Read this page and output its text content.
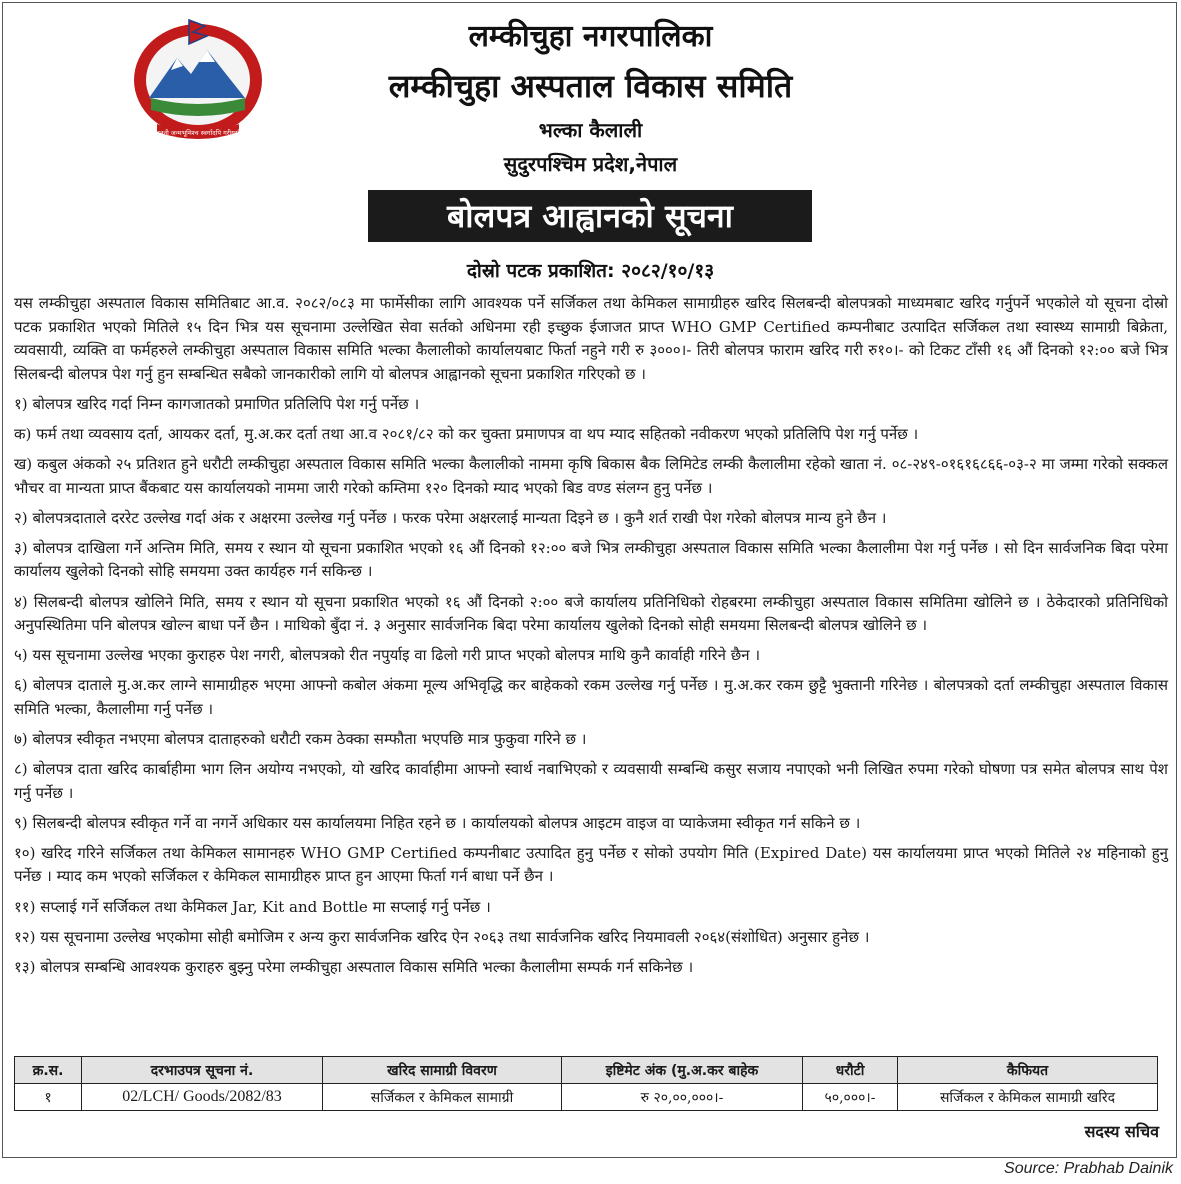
जननी जन्मभूमिश्च स्वर्गादपि गरीयसी
लम्कीचुहा नगरपालिका
लम्कीचुहा अस्पताल विकास समिति
भल्का कैलाली
सुदुरपश्चिम प्रदेश,नेपाल
बोलपत्र आह्वानको सूचना
दोस्रो पटक प्रकाशित: २०८२/१०/१३

यस लम्कीचुहा अस्पताल विकास समितिबाट आ.व. २०८२/०८३ मा फार्मेसीका लागि आवश्यक पर्ने सर्जिकल तथा केमिकल सामाग्रीहरु खरिद सिलबन्दी बोलपत्रको माध्यमबाट खरिद गर्नुपर्ने भएकोले यो सूचना दोस्रो पटक प्रकाशित भएको मितिले १५ दिन भित्र यस सूचनामा उल्लेखित सेवा सर्तको अधिनमा रही इच्छुक ईजाजत प्राप्त WHO GMP Certified कम्पनीबाट उत्पादित सर्जिकल तथा स्वास्थ्य सामाग्री बिक्रेता, व्यवसायी, व्यक्ति वा फर्महरुले लम्कीचुहा अस्पताल विकास समिति भल्का कैलालीको कार्यालयबाट फिर्ता नहुने गरी रु ३०००।- तिरी बोलपत्र फाराम खरिद गरी रु१०।- को टिकट टाँसी १६ औं दिनको १२:०० बजे भित्र सिलबन्दी बोलपत्र पेश गर्नु हुन सम्बन्धित सबैको जानकारीको लागि यो बोलपत्र आह्वानको सूचना प्रकाशित गरिएको छ ।

१) बोलपत्र खरिद गर्दा निम्न कागजातको प्रमाणित प्रतिलिपि पेश गर्नु पर्नेछ ।

क) फर्म तथा व्यवसाय दर्ता, आयकर दर्ता, मु.अ.कर दर्ता तथा आ.व २०८१/८२ को कर चुक्ता प्रमाणपत्र वा थप म्याद सहितको नवीकरण भएको प्रतिलिपि पेश गर्नु पर्नेछ ।

ख) कबुल अंकको २५ प्रतिशत हुने धरौटी लम्कीचुहा अस्पताल विकास समिति भल्का कैलालीको नाममा कृषि बिकास बैक लिमिटेड लम्की कैलालीमा रहेको खाता नं. ०८-२४९-०१६१६८६६-०३-२ मा जम्मा गरेको सक्कल भौचर वा मान्यता प्राप्त बैंकबाट यस कार्यालयको नाममा जारी गरेको कम्तिमा १२० दिनको म्याद भएको बिड वण्ड संलग्न हुनु पर्नेछ ।

२) बोलपत्रदाताले दररेट उल्लेख गर्दा अंक र अक्षरमा उल्लेख गर्नु पर्नेछ । फरक परेमा अक्षरलाई मान्यता दिइने छ । कुनै शर्त राखी पेश गरेको बोलपत्र मान्य हुने छैन ।

३) बोलपत्र दाखिला गर्ने अन्तिम मिति, समय र स्थान यो सूचना प्रकाशित भएको १६ औं दिनको १२:०० बजे भित्र लम्कीचुहा अस्पताल विकास समिति भल्का कैलालीमा पेश गर्नु पर्नेछ । सो दिन सार्वजनिक बिदा परेमा कार्यालय खुलेको दिनको सोहि समयमा उक्त कार्यहरु गर्न सकिन्छ ।

४) सिलबन्दी बोलपत्र खोलिने मिति, समय र स्थान यो सूचना प्रकाशित भएको १६ औं दिनको २:०० बजे कार्यालय प्रतिनिधिको रोहबरमा लम्कीचुहा अस्पताल विकास समितिमा खोलिने छ । ठेकेदारको प्रतिनिधिको अनुपस्थितिमा पनि बोलपत्र खोल्न बाधा पर्ने छैन । माथिको बुँदा नं. ३ अनुसार सार्वजनिक बिदा परेमा कार्यालय खुलेको दिनको सोही समयमा सिलबन्दी बोलपत्र खोलिने छ ।

५) यस सूचनामा उल्लेख भएका कुराहरु पेश नगरी, बोलपत्रको रीत नपुर्याइ वा ढिलो गरी प्राप्त भएको बोलपत्र माथि कुनै कार्वाही गरिने छैन ।

६) बोलपत्र दाताले मु.अ.कर लाग्ने सामाग्रीहरु भएमा आफ्नो कबोल अंकमा मूल्य अभिवृद्धि कर बाहेकको रकम उल्लेख गर्नु पर्नेछ । मु.अ.कर रकम छुट्टै भुक्तानी गरिनेछ । बोलपत्रको दर्ता लम्कीचुहा अस्पताल विकास समिति भल्का, कैलालीमा गर्नु पर्नेछ ।

७) बोलपत्र स्वीकृत नभएमा बोलपत्र दाताहरुको धरौटी रकम ठेक्का सम्फौता भएपछि मात्र फुकुवा गरिने छ ।

८) बोलपत्र दाता खरिद कार्बाहीमा भाग लिन अयोग्य नभएको, यो खरिद कार्वाहीमा आफ्नो स्वार्थ नबाभिएको र व्यवसायी सम्बन्धि कसुर सजाय नपाएको भनी लिखित रुपमा गरेको घोषणा पत्र समेत बोलपत्र साथ पेश गर्नु पर्नेछ ।

९) सिलबन्दी बोलपत्र स्वीकृत गर्ने वा नगर्ने अधिकार यस कार्यालयमा निहित रहने छ । कार्यालयको बोलपत्र आइटम वाइज वा प्याकेजमा स्वीकृत गर्न सकिने छ ।

१०) खरिद गरिने सर्जिकल तथा केमिकल सामानहरु WHO GMP Certified कम्पनीबाट उत्पादित हुनु पर्नेछ र सोको उपयोग मिति (Expired Date) यस कार्यालयमा प्राप्त भएको मितिले २४ महिनाको हुनु पर्नेछ । म्याद कम भएको सर्जिकल र केमिकल सामाग्रीहरु प्राप्त हुन आएमा फिर्ता गर्न बाधा पर्ने छैन ।

११) सप्लाई गर्ने सर्जिकल तथा केमिकल Jar, Kit and Bottle मा सप्लाई गर्नु पर्नेछ ।

१२) यस सूचनामा उल्लेख भएकोमा सोही बमोजिम र अन्य कुरा सार्वजनिक खरिद ऐन २०६३ तथा सार्वजनिक खरिद नियमावली २०६४(संशोधित) अनुसार हुनेछ ।

१३) बोलपत्र सम्बन्धि आवश्यक कुराहरु बुझ्नु परेमा लम्कीचुहा अस्पताल विकास समिति भल्का कैलालीमा सम्पर्क गर्न सकिनेछ ।

क्र.स.	दरभाउपत्र सूचना नं.	खरिद सामाग्री विवरण	इष्टिमेट अंक (मु.अ.कर बाहेक	धरौटी	कैफियत
१	02/LCH/ Goods/2082/83	सर्जिकल र केमिकल सामाग्री	रु २०,००,०००।-	५०,०००।-	सर्जिकल र केमिकल सामाग्री खरिद
सदस्य सचिव
Source: Prabhab Dainik
